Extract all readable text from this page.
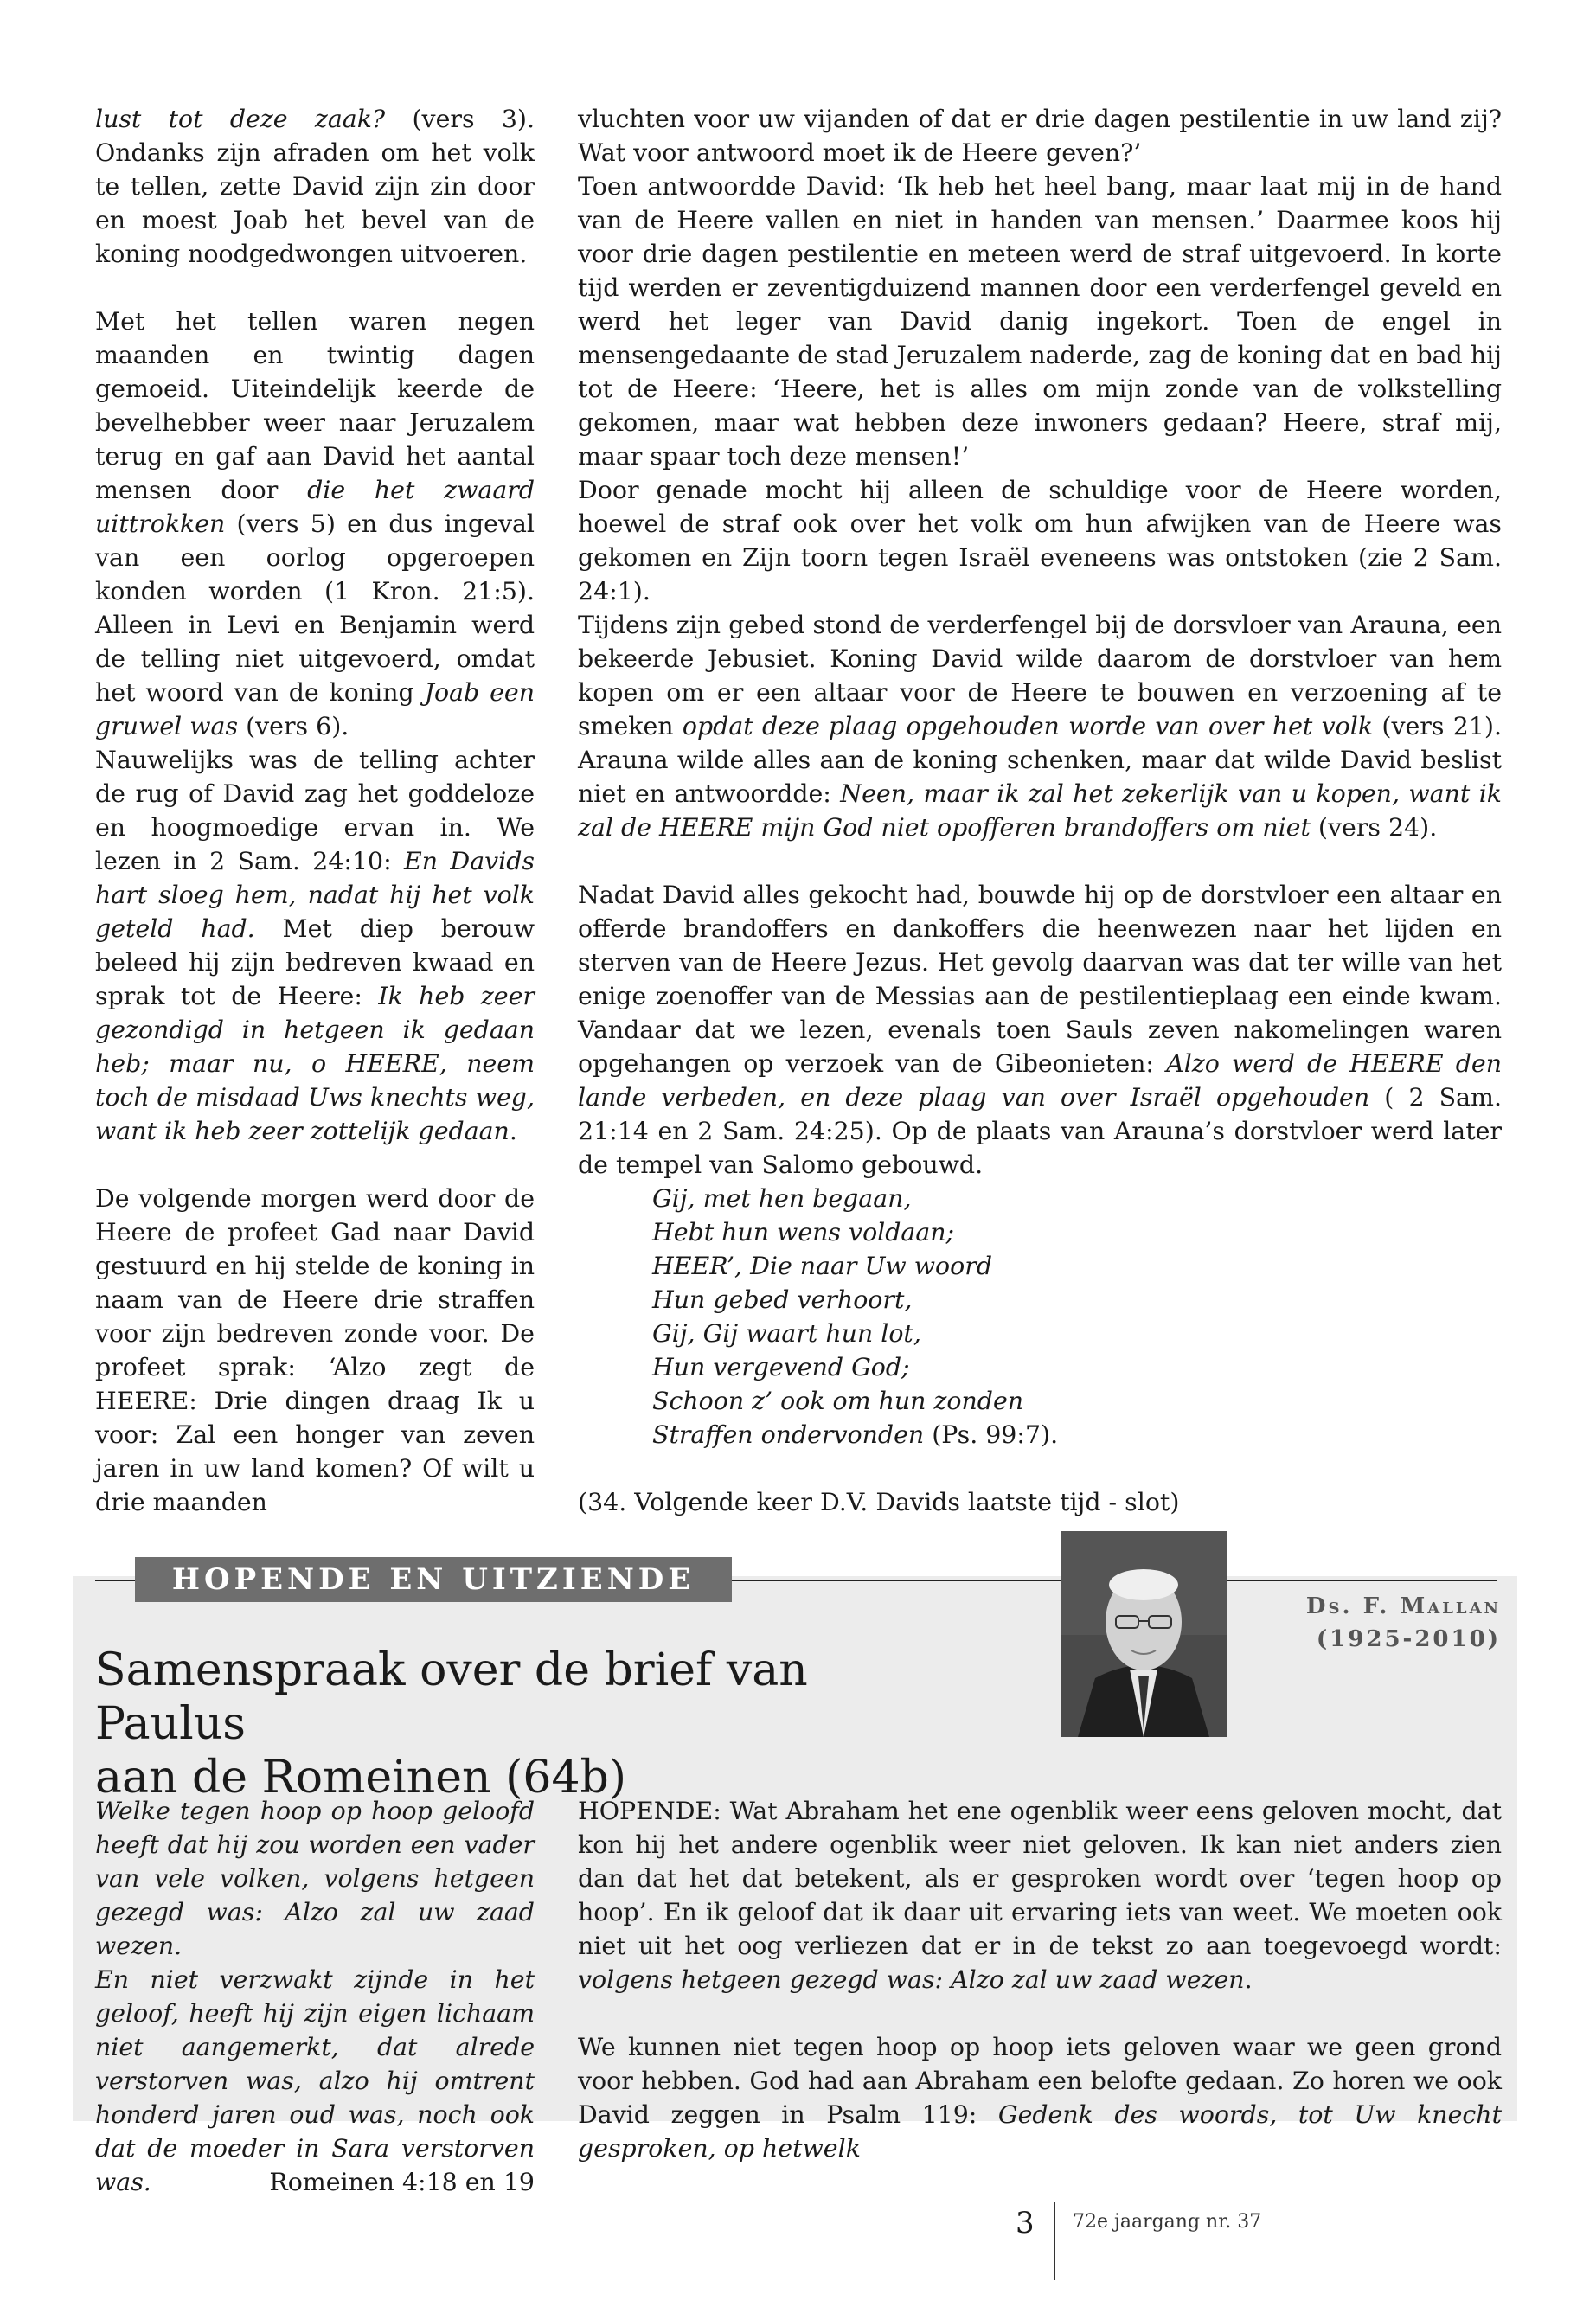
lust tot deze zaak? (vers 3). Ondanks zijn afraden om het volk te tellen, zette David zijn zin door en moest Joab het bevel van de koning noodgedwongen uitvoeren.

Met het tellen waren negen maanden en twintig dagen gemoeid. Uiteindelijk keerde de bevelhebber weer naar Jeruzalem terug en gaf aan David het aantal mensen door die het zwaard uittrokken (vers 5) en dus ingeval van een oorlog opgeroepen konden worden (1 Kron. 21:5). Alleen in Levi en Benjamin werd de telling niet uitgevoerd, omdat het woord van de koning Joab een gruwel was (vers 6).

Nauwelijks was de telling achter de rug of David zag het goddeloze en hoogmoedige ervan in. We lezen in 2 Sam. 24:10: En Davids hart sloeg hem, nadat hij het volk geteld had. Met diep berouw beleed hij zijn bedreven kwaad en sprak tot de Heere: Ik heb zeer gezondigd in hetgeen ik gedaan heb; maar nu, o HEERE, neem toch de misdaad Uws knechts weg, want ik heb zeer zottelijk gedaan.

De volgende morgen werd door de Heere de profeet Gad naar David gestuurd en hij stelde de koning in naam van de Heere drie straffen voor zijn bedreven zonde voor. De profeet sprak: ‘Alzo zegt de HEERE: Drie dingen draag Ik u voor: Zal een honger van zeven jaren in uw land komen? Of wilt u drie maanden

vluchten voor uw vijanden of dat er drie dagen pestilentie in uw land zij? Wat voor antwoord moet ik de Heere geven?’

Toen antwoordde David: ‘Ik heb het heel bang, maar laat mij in de hand van de Heere vallen en niet in handen van mensen.’ Daarmee koos hij voor drie dagen pestilentie en meteen werd de straf uitgevoerd. In korte tijd werden er zeventigduizend mannen door een verderfengel geveld en werd het leger van David danig ingekort. Toen de engel in mensengedaante de stad Jeruzalem naderde, zag de koning dat en bad hij tot de Heere: ‘Heere, het is alles om mijn zonde van de volkstelling gekomen, maar wat hebben deze inwoners gedaan? Heere, straf mij, maar spaar toch deze mensen!’

Door genade mocht hij alleen de schuldige voor de Heere worden, hoewel de straf ook over het volk om hun afwijken van de Heere was gekomen en Zijn toorn tegen Israël eveneens was ontstoken (zie 2 Sam. 24:1).

Tijdens zijn gebed stond de verderfengel bij de dorsvloer van Arauna, een bekeerde Jebusiet. Koning David wilde daarom de dorstvloer van hem kopen om er een altaar voor de Heere te bouwen en verzoening af te smeken opdat deze plaag opgehouden worde van over het volk (vers 21). Arauna wilde alles aan de koning schenken, maar dat wilde David beslist niet en antwoordde: Neen, maar ik zal het zekerlijk van u kopen, want ik zal de HEERE mijn God niet opofferen brandoffers om niet (vers 24).

Nadat David alles gekocht had, bouwde hij op de dorstvloer een altaar en offerde brandoffers en dankoffers die heenwezen naar het lijden en sterven van de Heere Jezus. Het gevolg daarvan was dat ter wille van het enige zoenoffer van de Messias aan de pestilentieplaag een einde kwam. Vandaar dat we lezen, evenals toen Sauls zeven nakomelingen waren opgehangen op verzoek van de Gibeonieten: Alzo werd de HEERE den lande verbeden, en deze plaag van over Israël opgehouden ( 2 Sam. 21:14 en 2 Sam. 24:25). Op de plaats van Arauna’s dorstvloer werd later de tempel van Salomo gebouwd.

Gij, met hen begaan,

Hebt hun wens voldaan;

HEER’, Die naar Uw woord

Hun gebed verhoort,

Gij, Gij waart hun lot,

Hun vergevend God;

Schoon z’ ook om hun zonden

Straffen ondervonden (Ps. 99:7).

(34. Volgende keer D.V. Davids laatste tijd - slot)

HOPENDE EN UITZIENDE
Samenspraak over de brief van Paulus
aan de Romeinen (64b)
Ds. F. Mallan
(1925-2010)

Welke tegen hoop op hoop geloofd heeft dat hij zou worden een vader van vele volken, volgens hetgeen gezegd was: Alzo zal uw zaad wezen.

En niet verzwakt zijnde in het geloof, heeft hij zijn eigen lichaam niet aangemerkt, dat alrede verstorven was, alzo hij omtrent honderd jaren oud was, noch ook dat de moeder in Sara verstorven was.	Romeinen 4:18 en 19

HOPENDE: Wat Abraham het ene ogenblik weer eens geloven mocht, dat kon hij het andere ogenblik weer niet geloven. Ik kan niet anders zien dan dat het dat betekent, als er gesproken wordt over ‘tegen hoop op hoop’. En ik geloof dat ik daar uit ervaring iets van weet. We moeten ook niet uit het oog verliezen dat er in de tekst zo aan toegevoegd wordt: volgens hetgeen gezegd was: Alzo zal uw zaad wezen.

We kunnen niet tegen hoop op hoop iets geloven waar we geen grond voor hebben. God had aan Abraham een belofte gedaan. Zo horen we ook David zeggen in Psalm 119: Gedenk des woords, tot Uw knecht gesproken, op hetwelk

3 72e jaargang nr. 37
